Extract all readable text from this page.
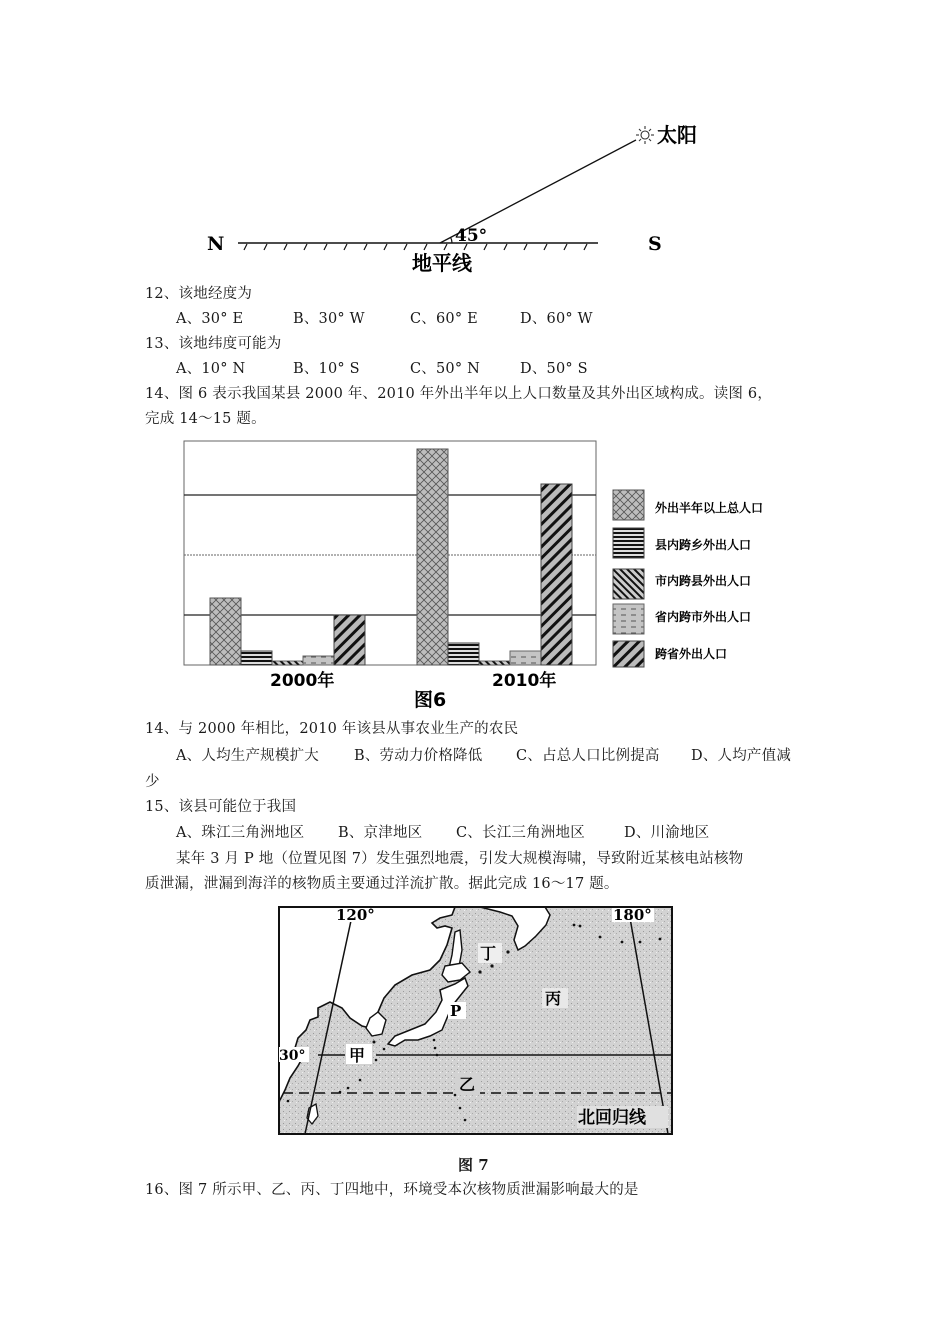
太阳
45°
N	S
地平线
12、该地经度为
A、30° E	B、30° W	C、60° E	D、60° W
13、该地纬度可能为
A、10° N	B、10° S	C、50° N	D、50° S
14、图 6 表示我国某县 2000 年、2010 年外出半年以上人口数量及其外出区域构成。读图 6，
完成 14～15 题。
2000年	2010年
图6
外出半年以上总人口
县内跨乡外出人口
市内跨县外出人口
省内跨市外出人口
跨省外出人口
14、与 2000 年相比，2010 年该县从事农业生产的农民
A、人均生产规模扩大 B、劳动力价格降低 C、占总人口比例提高 D、人均产值减
少
15、该县可能位于我国
A、珠江三角洲地区 B、京津地区 C、长江三角洲地区	D、川渝地区
某年 3 月 P 地（位置见图 7）发生强烈地震，引发大规模海啸，导致附近某核电站核物
质泄漏，泄漏到海洋的核物质主要通过洋流扩散。据此完成 16～17 题。
120°	180°
30°	甲
乙
丙
丁
P
北回归线
图 7
16、图 7 所示甲、乙、丙、丁四地中，环境受本次核物质泄漏影响最大的是
